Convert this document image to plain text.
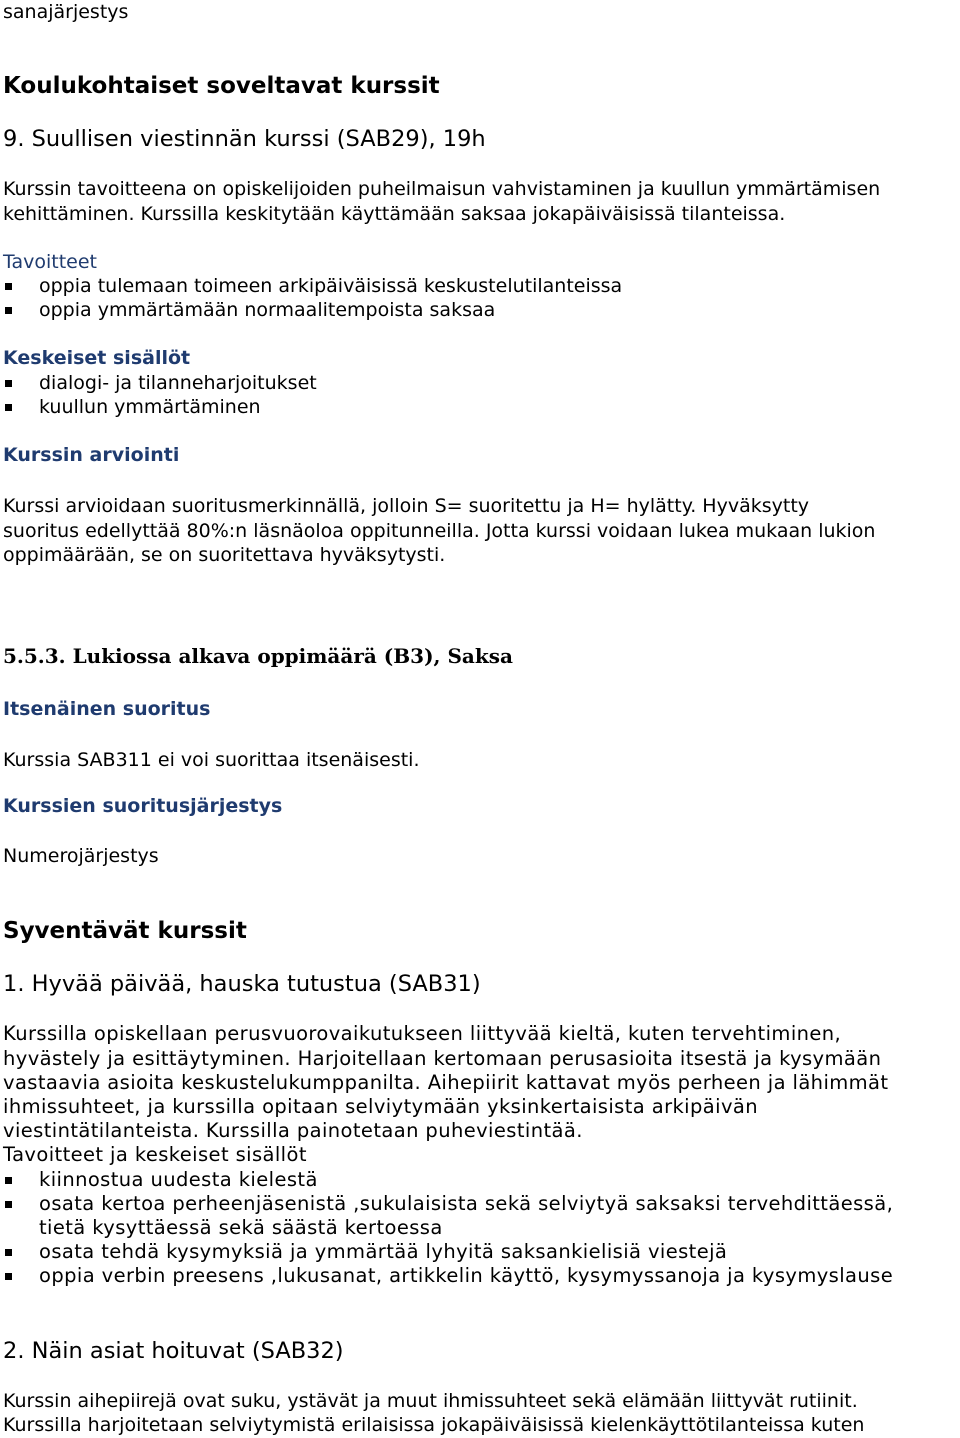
sanajärjestys
Koulukohtaiset soveltavat kurssit
9. Suullisen viestinnän kurssi (SAB29), 19h
Kurssin tavoitteena on opiskelijoiden puheilmaisun vahvistaminen ja kuullun ymmärtämisen
kehittäminen. Kurssilla keskitytään käyttämään saksaa jokapäiväisissä tilanteissa.
Tavoitteet
oppia tulemaan toimeen arkipäiväisissä keskustelutilanteissa
oppia ymmärtämään normaalitempoista saksaa
Keskeiset sisällöt
dialogi- ja tilanneharjoitukset
kuullun ymmärtäminen
Kurssin arviointi
Kurssi arvioidaan suoritusmerkinnällä, jolloin S= suoritettu ja H= hylätty. Hyväksytty
suoritus edellyttää 80%:n läsnäoloa oppitunneilla. Jotta kurssi voidaan lukea mukaan lukion
oppimäärään, se on suoritettava hyväksytysti.
5.5.3. Lukiossa alkava oppimäärä (B3), Saksa
Itsenäinen suoritus
Kurssia SAB311 ei voi suorittaa itsenäisesti.
Kurssien suoritusjärjestys
Numerojärjestys
Syventävät kurssit
1. Hyvää päivää, hauska tutustua (SAB31)
Kurssilla opiskellaan perusvuorovaikutukseen liittyvää kieltä, kuten tervehtiminen,
hyvästely ja esittäytyminen. Harjoitellaan kertomaan perusasioita itsestä ja kysymään
vastaavia asioita keskustelukumppanilta. Aihepiirit kattavat myös perheen ja lähimmät
ihmissuhteet, ja kurssilla opitaan selviytymään yksinkertaisista arkipäivän
viestintätilanteista. Kurssilla painotetaan puheviestintää.
Tavoitteet ja keskeiset sisällöt
kiinnostua uudesta kielestä
osata kertoa perheenjäsenistä ,sukulaisista sekä selviytyä saksaksi tervehdittäessä,
tietä kysyttäessä sekä säästä kertoessa
osata tehdä kysymyksiä ja ymmärtää lyhyitä saksankielisiä viestejä
oppia verbin preesens ,lukusanat, artikkelin käyttö, kysymyssanoja ja kysymyslause
2. Näin asiat hoituvat (SAB32)
Kurssin aihepiirejä ovat suku, ystävät ja muut ihmissuhteet sekä elämään liittyvät rutiinit.
Kurssilla harjoitetaan selviytymistä erilaisissa jokapäiväisissä kielenkäyttötilanteissa kuten
